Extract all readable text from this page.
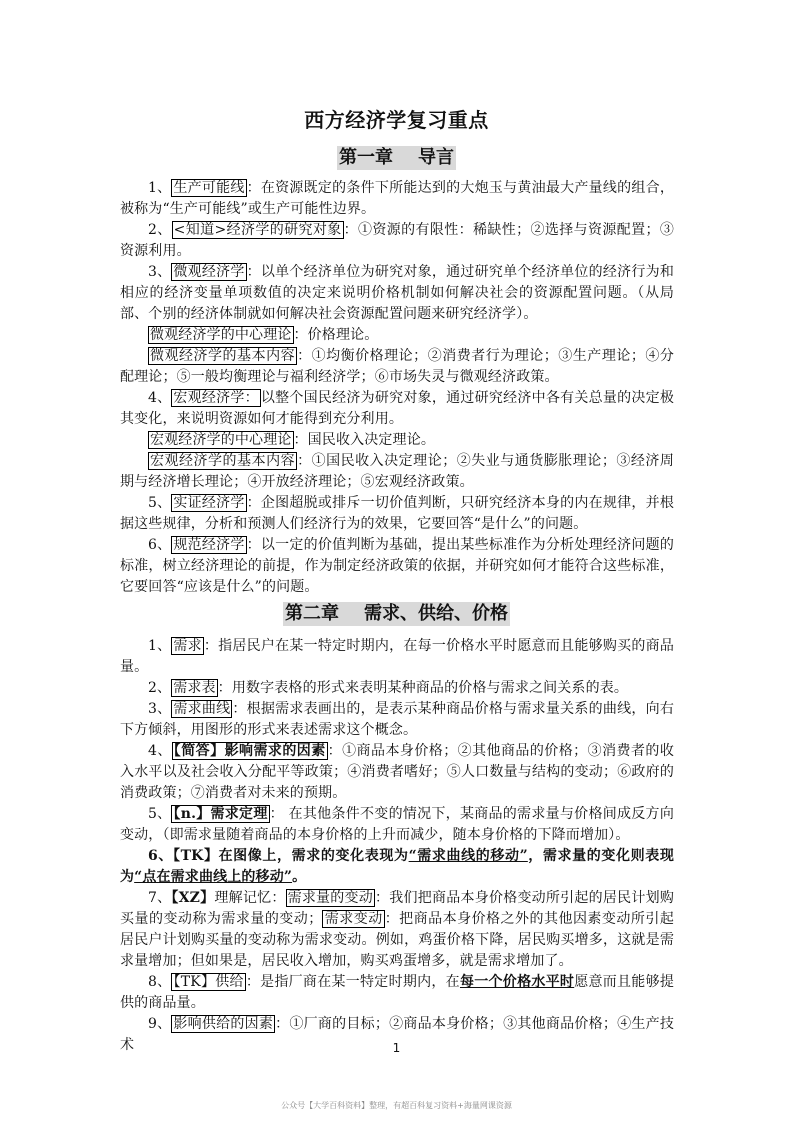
西方经济学复习重点
第一章    导言

1、 生产可能线 ：在资源既定的条件下所能达到的大炮玉与黄油最大产量线的组合，被称为“生产可能线”或生产可能性边界。

2、 <知道>经济学的研究对象 ：①资源的有限性：稀缺性；②选择与资源配置；③资源利用。

3、 微观经济学 ：以单个经济单位为研究对象，通过研究单个经济单位的经济行为和相应的经济变量单项数值的决定来说明价格机制如何解决社会的资源配置问题。（从局部、个别的经济体制就如何解决社会资源配置问题来研究经济学）。

微观经济学的中心理论 ：价格理论。

微观经济学的基本内容 ：①均衡价格理论；②消费者行为理论；③生产理论；④分配理论；⑤一般均衡理论与福利经济学；⑥市场失灵与微观经济政策。

4、 宏观经济学： 以整个国民经济为研究对象，通过研究经济中各有关总量的决定极其变化，来说明资源如何才能得到充分利用。

宏观经济学的中心理论 ：国民收入决定理论。

宏观经济学的基本内容 ：①国民收入决定理论；②失业与通货膨胀理论；③经济周期与经济增长理论；④开放经济理论；⑤宏观经济政策。

5、 实证经济学 ：企图超脱或排斥一切价值判断，只研究经济本身的内在规律，并根据这些规律，分析和预测人们经济行为的效果，它要回答“是什么”的问题。

6、 规范经济学 ：以一定的价值判断为基础，提出某些标准作为分析处理经济问题的标准，树立经济理论的前提，作为制定经济政策的依据，并研究如何才能符合这些标准，它要回答“应该是什么”的问题。

第二章    需求、供给、价格

1、 需求 ：指居民户在某一特定时期内，在每一价格水平时愿意而且能够购买的商品量。

2、 需求表 ：用数字表格的形式来表明某种商品的价格与需求之间关系的表。

3、 需求曲线 ：根据需求表画出的，是表示某种商品价格与需求量关系的曲线，向右下方倾斜，用图形的形式来表述需求这个概念。

4、 【简答】影响需求的因素 ：①商品本身价格；②其他商品的价格；③消费者的收入水平以及社会收入分配平等政策；④消费者嗜好；⑤人口数量与结构的变动；⑥政府的消费政策；⑦消费者对未来的预期。

5、 【n.】需求定理 ： 在其他条件不变的情况下，某商品的需求量与价格间成反方向变动，（即需求量随着商品的本身价格的上升而减少，随本身价格的下降而增加）。

6、【TK】在图像上，需求的变化表现为“需求曲线的移动”，需求量的变化则表现为“点在需求曲线上的移动”。

7、【XZ】理解记忆： 需求量的变动 ：我们把商品本身价格变动所引起的居民计划购买量的变动称为需求量的变动； 需求变动 ：把商品本身价格之外的其他因素变动所引起居民户计划购买量的变动称为需求变动。例如，鸡蛋价格下降，居民购买增多，这就是需求量增加；但如果是，居民收入增加，购买鸡蛋增多，就是需求增加了。

8、 【TK】供给 ：是指厂商在某一特定时期内，在每一个价格水平时愿意而且能够提供的商品量。

9、 影响供给的因素 ：①厂商的目标；②商品本身价格；③其他商品价格；④生产技术	1
公众号【大学百科资料】整理，有超百科复习资料+海量网课资源
